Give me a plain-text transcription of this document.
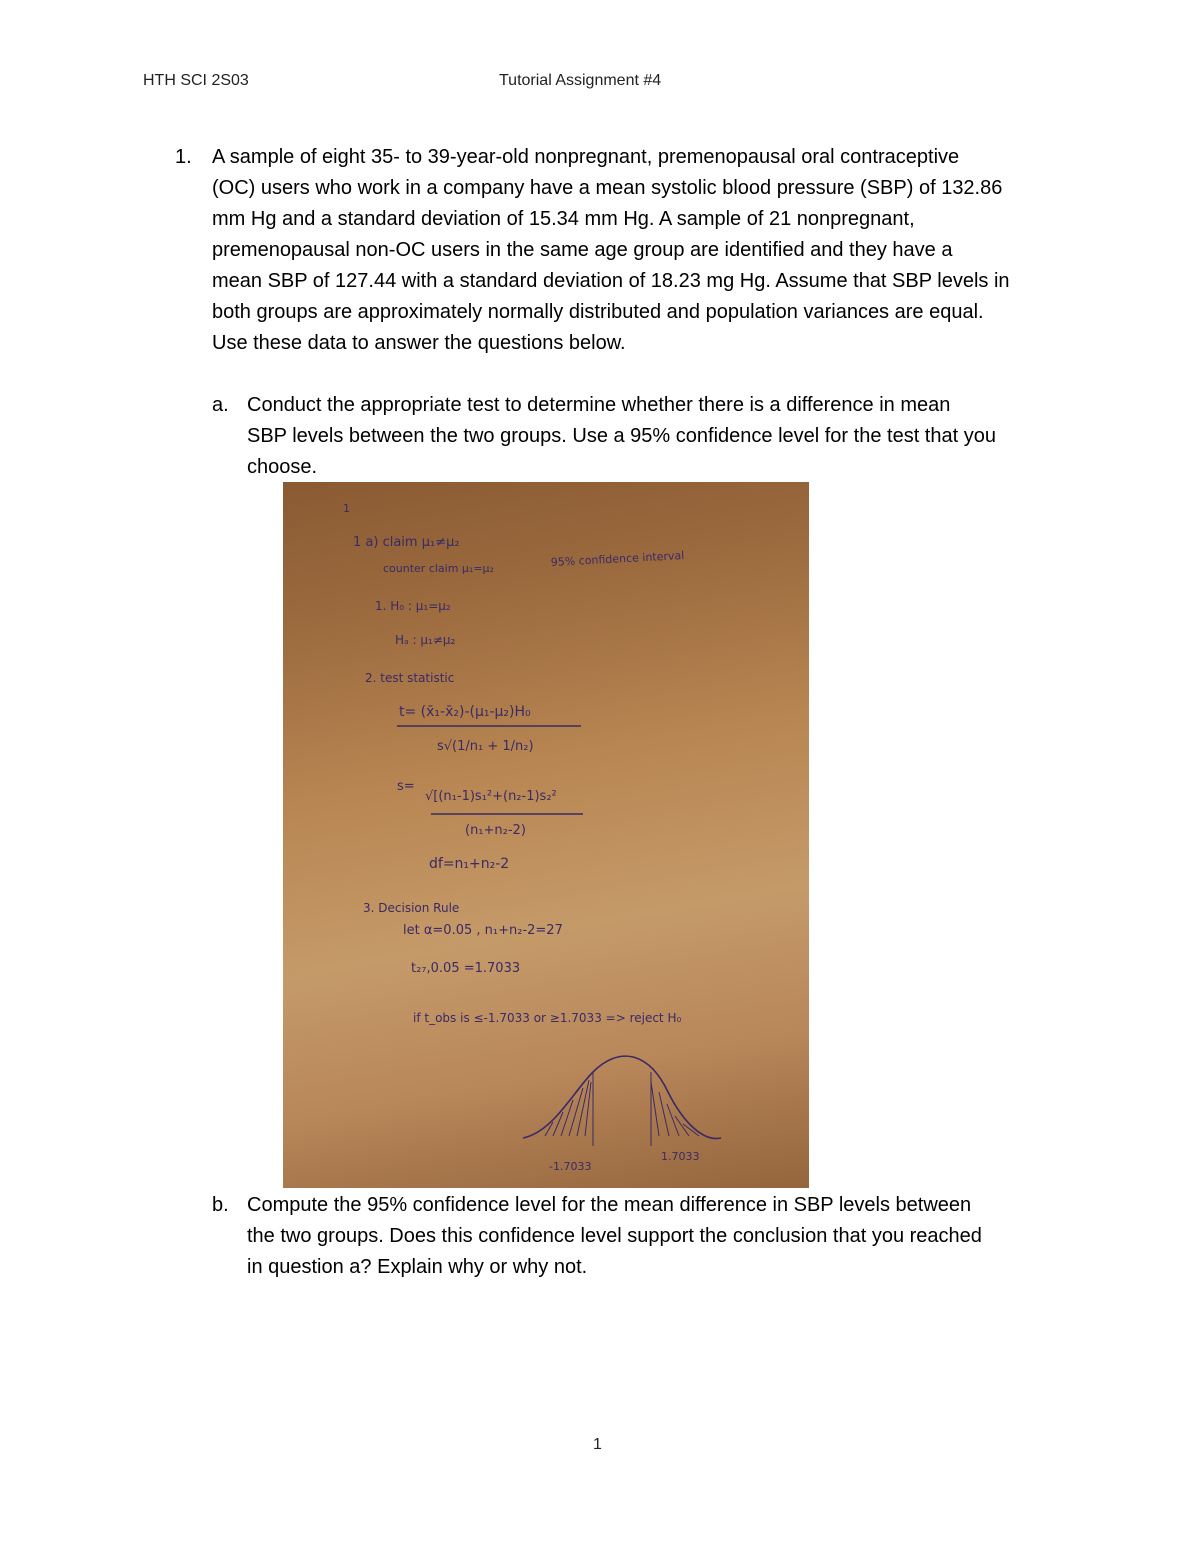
HTH SCI 2S03	Tutorial Assignment #4
1. A sample of eight 35- to 39-year-old nonpregnant, premenopausal oral contraceptive
(OC) users who work in a company have a mean systolic blood pressure (SBP) of 132.86
mm Hg and a standard deviation of 15.34 mm Hg. A sample of 21 nonpregnant,
premenopausal non-OC users in the same age group are identified and they have a
mean SBP of 127.44 with a standard deviation of 18.23 mg Hg. Assume that SBP levels in
both groups are approximately normally distributed and population variances are equal.
Use these data to answer the questions below.
a. Conduct the appropriate test to determine whether there is a difference in mean
SBP levels between the two groups. Use a 95% confidence level for the test that you
choose.
1
1 a) claim μ₁≠μ₂
counter claim μ₁=μ₂	95% confidence interval
1. H₀ : μ₁=μ₂
Hₐ : μ₁≠μ₂
2. test statistic
t= (x̄₁-x̄₂)-(μ₁-μ₂)H₀
s√(1/n₁ + 1/n₂)
s=
√[(n₁-1)s₁²+(n₂-1)s₂²
(n₁+n₂-2)
df=n₁+n₂-2
3. Decision Rule
let α=0.05 , n₁+n₂-2=27
t₂₇,0.05 =1.7033
if t_obs is ≤-1.7033 or ≥1.7033 => reject H₀
-1.7033
1.7033
b. Compute the 95% confidence level for the mean difference in SBP levels between
the two groups. Does this confidence level support the conclusion that you reached
in question a? Explain why or why not.
1
